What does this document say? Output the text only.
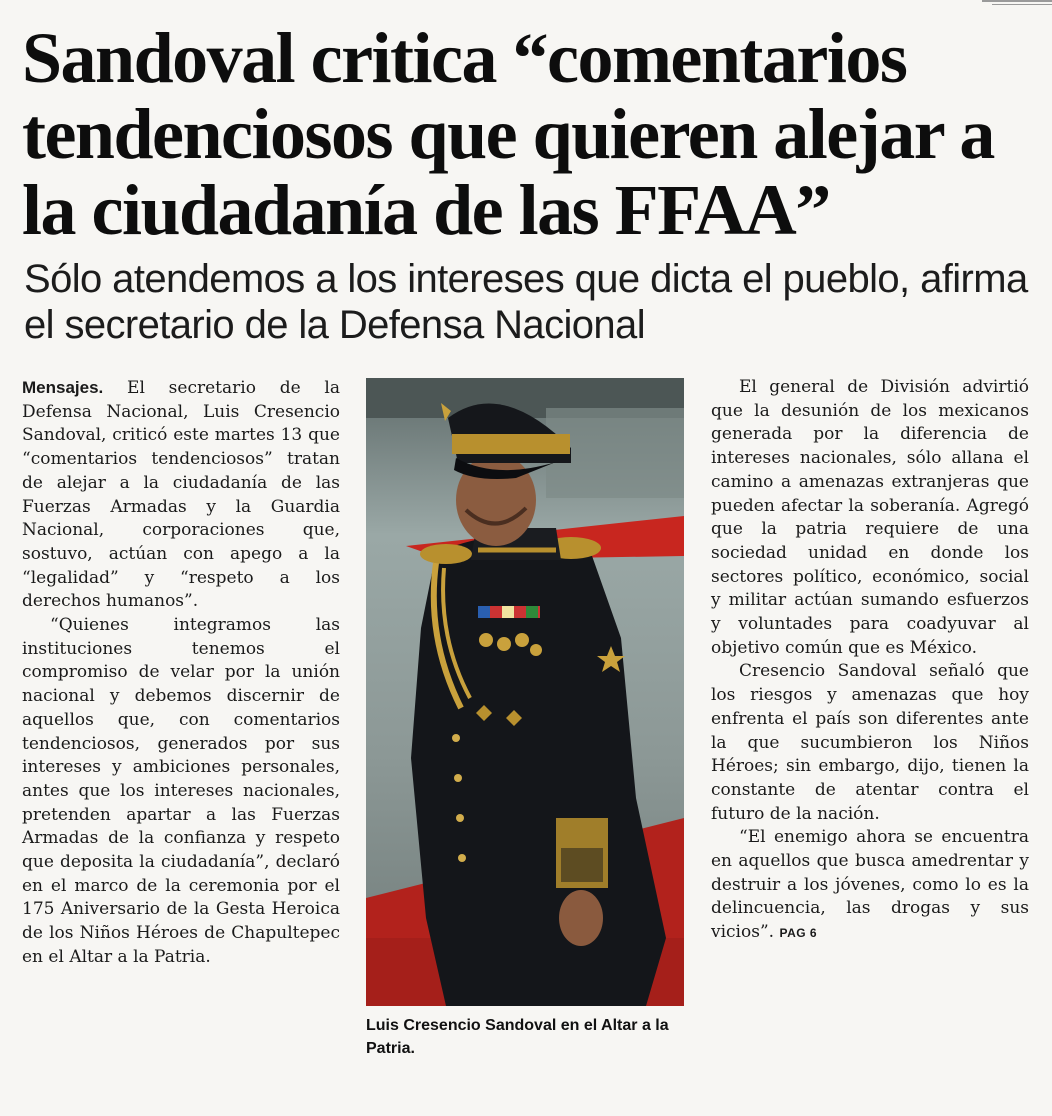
Sandoval critica “comentarios tendenciosos que quieren alejar a la ciudadanía de las FFAA”
Sólo atendemos a los intereses que dicta el pueblo, afirma el secretario de la Defensa Nacional

Mensajes. El secretario de la Defensa Nacional, Luis Cresencio Sandoval, criticó este martes 13 que “comentarios tendenciosos” tratan de alejar a la ciudadanía de las Fuerzas Armadas y la Guardia Nacional, corporaciones que, sostuvo, actúan con apego a la “legalidad” y “respeto a los derechos humanos”.

“Quienes integramos las instituciones tenemos el compromiso de velar por la unión nacional y debemos discernir de aquellos que, con comentarios tendenciosos, generados por sus intereses y ambiciones personales, antes que los intereses nacionales, pretenden apartar a las Fuerzas Armadas de la confianza y respeto que deposita la ciudadanía”, declaró en el marco de la ceremonia por el 175 Aniversario de la Gesta Heroica de los Niños Héroes de Chapultepec en el Altar a la Patria.

Luis Cresencio Sandoval en el Altar a la Patria.

El general de División advirtió que la desunión de los mexicanos generada por la diferencia de intereses nacionales, sólo allana el camino a amenazas extranjeras que pueden afectar la soberanía. Agregó que la patria requiere de una sociedad unidad en donde los sectores político, económico, social y militar actúan sumando esfuerzos y voluntades para coadyuvar al objetivo común que es México.

Cresencio Sandoval señaló que los riesgos y amenazas que hoy enfrenta el país son diferentes ante la que sucumbieron los Niños Héroes; sin embargo, dijo, tienen la constante de atentar contra el futuro de la nación.

“El enemigo ahora se encuentra en aquellos que busca amedrentar y destruir a los jóvenes, como lo es la delincuencia, las drogas y sus vicios”. PAG 6
